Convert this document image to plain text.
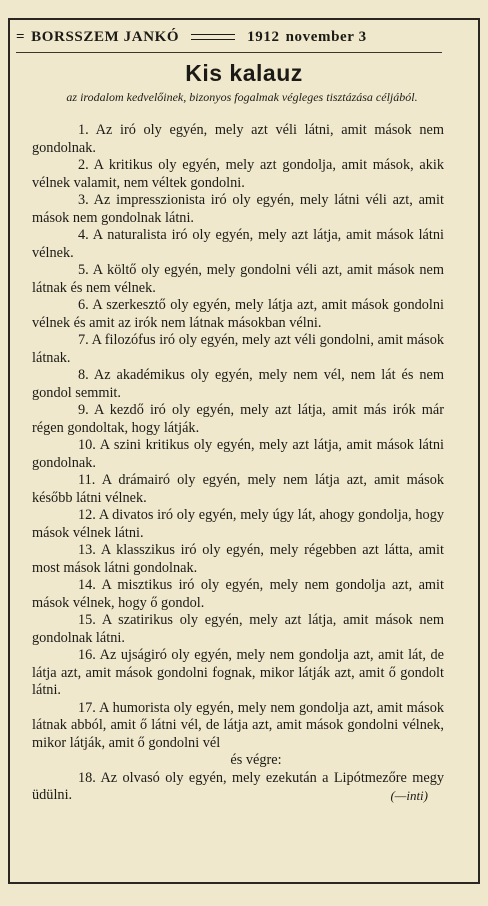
= BORSSZEM JANKÓ	1912 november 3
Kis kalauz
az irodalom kedvelőinek, bizonyos fogalmak végleges tisztázása céljából.

1. Az iró oly egyén, mely azt véli látni, amit mások nem gondolnak.

2. A kritikus oly egyén, mely azt gondolja, amit mások, akik vélnek valamit, nem véltek gondolni.

3. Az impresszionista iró oly egyén, mely látni véli azt, amit mások nem gondolnak látni.

4. A naturalista iró oly egyén, mely azt látja, amit mások látni vélnek.

5. A költő oly egyén, mely gondolni véli azt, amit mások nem látnak és nem vélnek.

6. A szerkesztő oly egyén, mely látja azt, amit mások gondolni vélnek és amit az irók nem látnak másokban vélni.

7. A filozófus iró oly egyén, mely azt véli gondolni, amit mások látnak.

8. Az akadémikus oly egyén, mely nem vél, nem lát és nem gondol semmit.

9. A kezdő iró oly egyén, mely azt látja, amit más irók már régen gondoltak, hogy látják.

10. A szini kritikus oly egyén, mely azt látja, amit mások látni gondolnak.

11. A drámairó oly egyén, mely nem látja azt, amit mások később látni vélnek.

12. A divatos iró oly egyén, mely úgy lát, ahogy gondolja, hogy mások vélnek látni.

13. A klasszikus iró oly egyén, mely régebben azt látta, amit most mások látni gondolnak.

14. A misztikus iró oly egyén, mely nem gondolja azt, amit mások vélnek, hogy ő gondol.

15. A szatirikus oly egyén, mely azt látja, amit mások nem gondolnak látni.

16. Az ujságiró oly egyén, mely nem gondolja azt, amit lát, de látja azt, amit mások gondolni fognak, mikor látják azt, amit ő gondolt látni.

17. A humorista oly egyén, mely nem gondolja azt, amit mások látnak abból, amit ő látni vél, de látja azt, amit mások gondolni vélnek, mikor látják, amit ő gondolni vél

és végre:

18. Az olvasó oly egyén, mely ezekután a Lipótmezőre megy üdülni.	(—inti)
